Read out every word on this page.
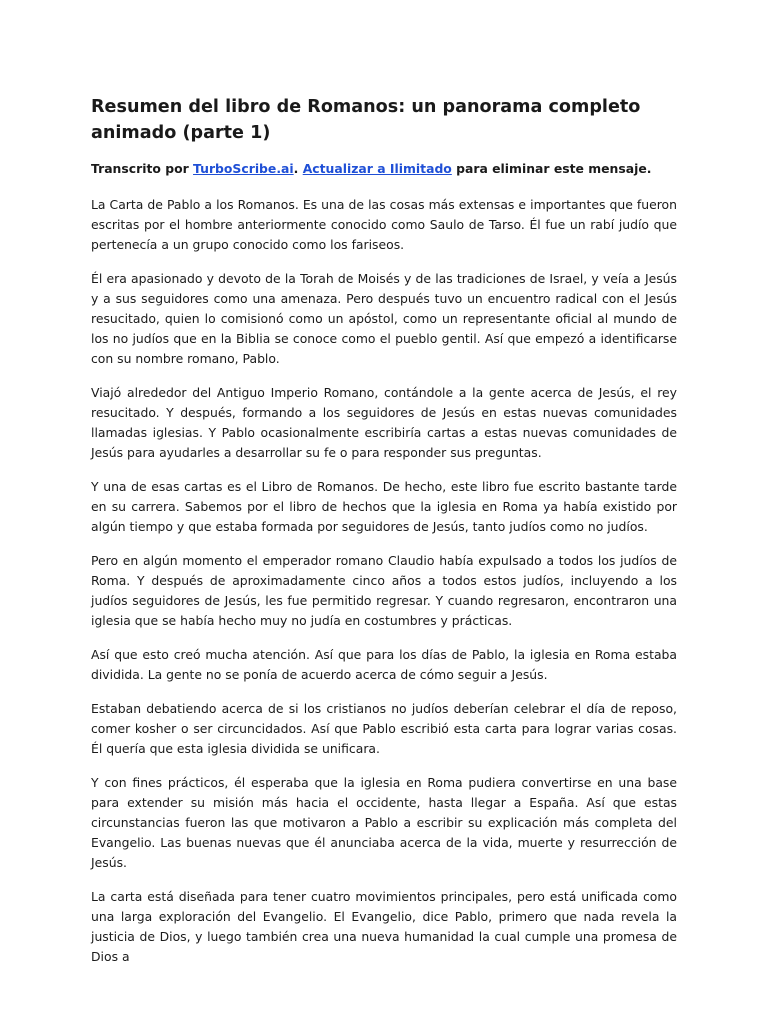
Resumen del libro de Romanos: un panorama completo animado (parte 1)

Transcrito por TurboScribe.ai. Actualizar a Ilimitado para eliminar este mensaje.

La Carta de Pablo a los Romanos. Es una de las cosas más extensas e importantes que fueron escritas por el hombre anteriormente conocido como Saulo de Tarso. Él fue un rabí judío que pertenecía a un grupo conocido como los fariseos.

Él era apasionado y devoto de la Torah de Moisés y de las tradiciones de Israel, y veía a Jesús y a sus seguidores como una amenaza. Pero después tuvo un encuentro radical con el Jesús resucitado, quien lo comisionó como un apóstol, como un representante oficial al mundo de los no judíos que en la Biblia se conoce como el pueblo gentil. Así que empezó a identificarse con su nombre romano, Pablo.

Viajó alrededor del Antiguo Imperio Romano, contándole a la gente acerca de Jesús, el rey resucitado. Y después, formando a los seguidores de Jesús en estas nuevas comunidades llamadas iglesias. Y Pablo ocasionalmente escribiría cartas a estas nuevas comunidades de Jesús para ayudarles a desarrollar su fe o para responder sus preguntas.

Y una de esas cartas es el Libro de Romanos. De hecho, este libro fue escrito bastante tarde en su carrera. Sabemos por el libro de hechos que la iglesia en Roma ya había existido por algún tiempo y que estaba formada por seguidores de Jesús, tanto judíos como no judíos.

Pero en algún momento el emperador romano Claudio había expulsado a todos los judíos de Roma. Y después de aproximadamente cinco años a todos estos judíos, incluyendo a los judíos seguidores de Jesús, les fue permitido regresar. Y cuando regresaron, encontraron una iglesia que se había hecho muy no judía en costumbres y prácticas.

Así que esto creó mucha atención. Así que para los días de Pablo, la iglesia en Roma estaba dividida. La gente no se ponía de acuerdo acerca de cómo seguir a Jesús.

Estaban debatiendo acerca de si los cristianos no judíos deberían celebrar el día de reposo, comer kosher o ser circuncidados. Así que Pablo escribió esta carta para lograr varias cosas. Él quería que esta iglesia dividida se unificara.

Y con fines prácticos, él esperaba que la iglesia en Roma pudiera convertirse en una base para extender su misión más hacia el occidente, hasta llegar a España. Así que estas circunstancias fueron las que motivaron a Pablo a escribir su explicación más completa del Evangelio. Las buenas nuevas que él anunciaba acerca de la vida, muerte y resurrección de Jesús.

La carta está diseñada para tener cuatro movimientos principales, pero está unificada como una larga exploración del Evangelio. El Evangelio, dice Pablo, primero que nada revela la justicia de Dios, y luego también crea una nueva humanidad la cual cumple una promesa de Dios a
